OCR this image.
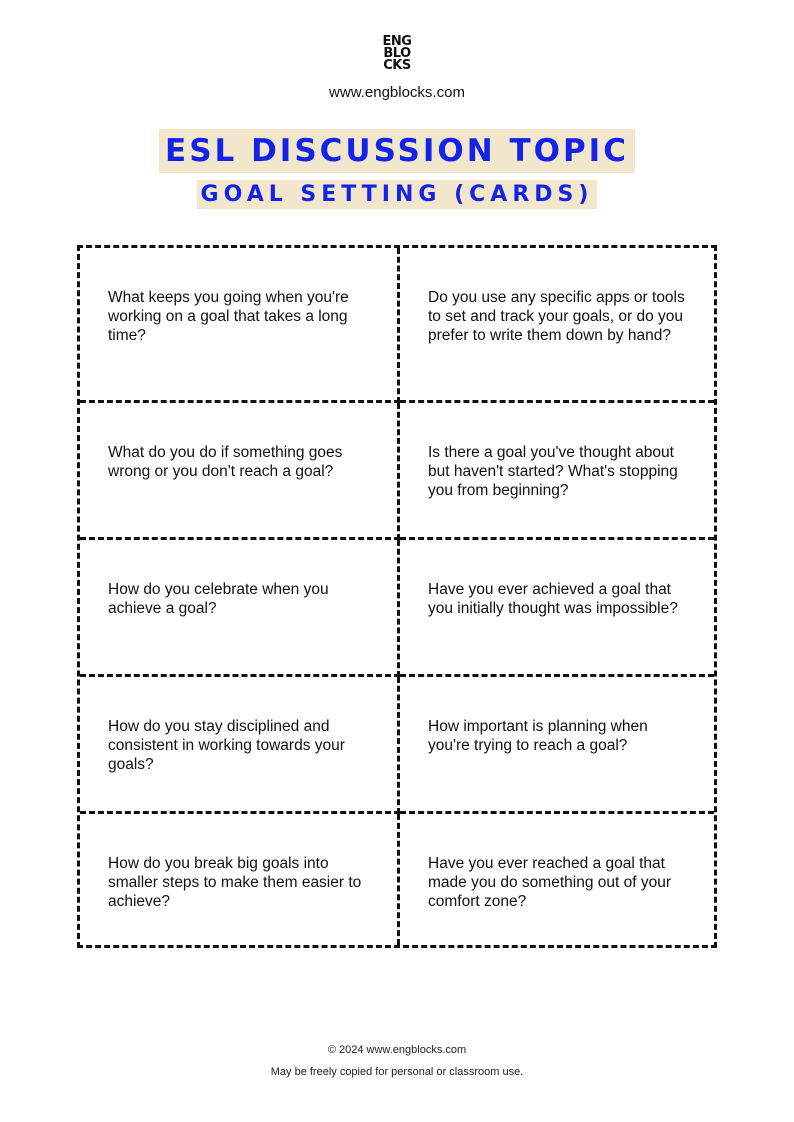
ENG
BLO
CKS
www.engblocks.com
ESL DISCUSSION TOPIC
GOAL SETTING (CARDS)
What keeps you going when you're working on a goal that takes a long time?
Do you use any specific apps or tools to set and track your goals, or do you prefer to write them down by hand?
What do you do if something goes wrong or you don't reach a goal?
Is there a goal you've thought about but haven't started? What's stopping you from beginning?
How do you celebrate when you achieve a goal?
Have you ever achieved a goal that you initially thought was impossible?
How do you stay disciplined and consistent in working towards your goals?
How important is planning when you're trying to reach a goal?
How do you break big goals into smaller steps to make them easier to achieve?
Have you ever reached a goal that made you do something out of your comfort zone?
© 2024 www.engblocks.com
May be freely copied for personal or classroom use.
